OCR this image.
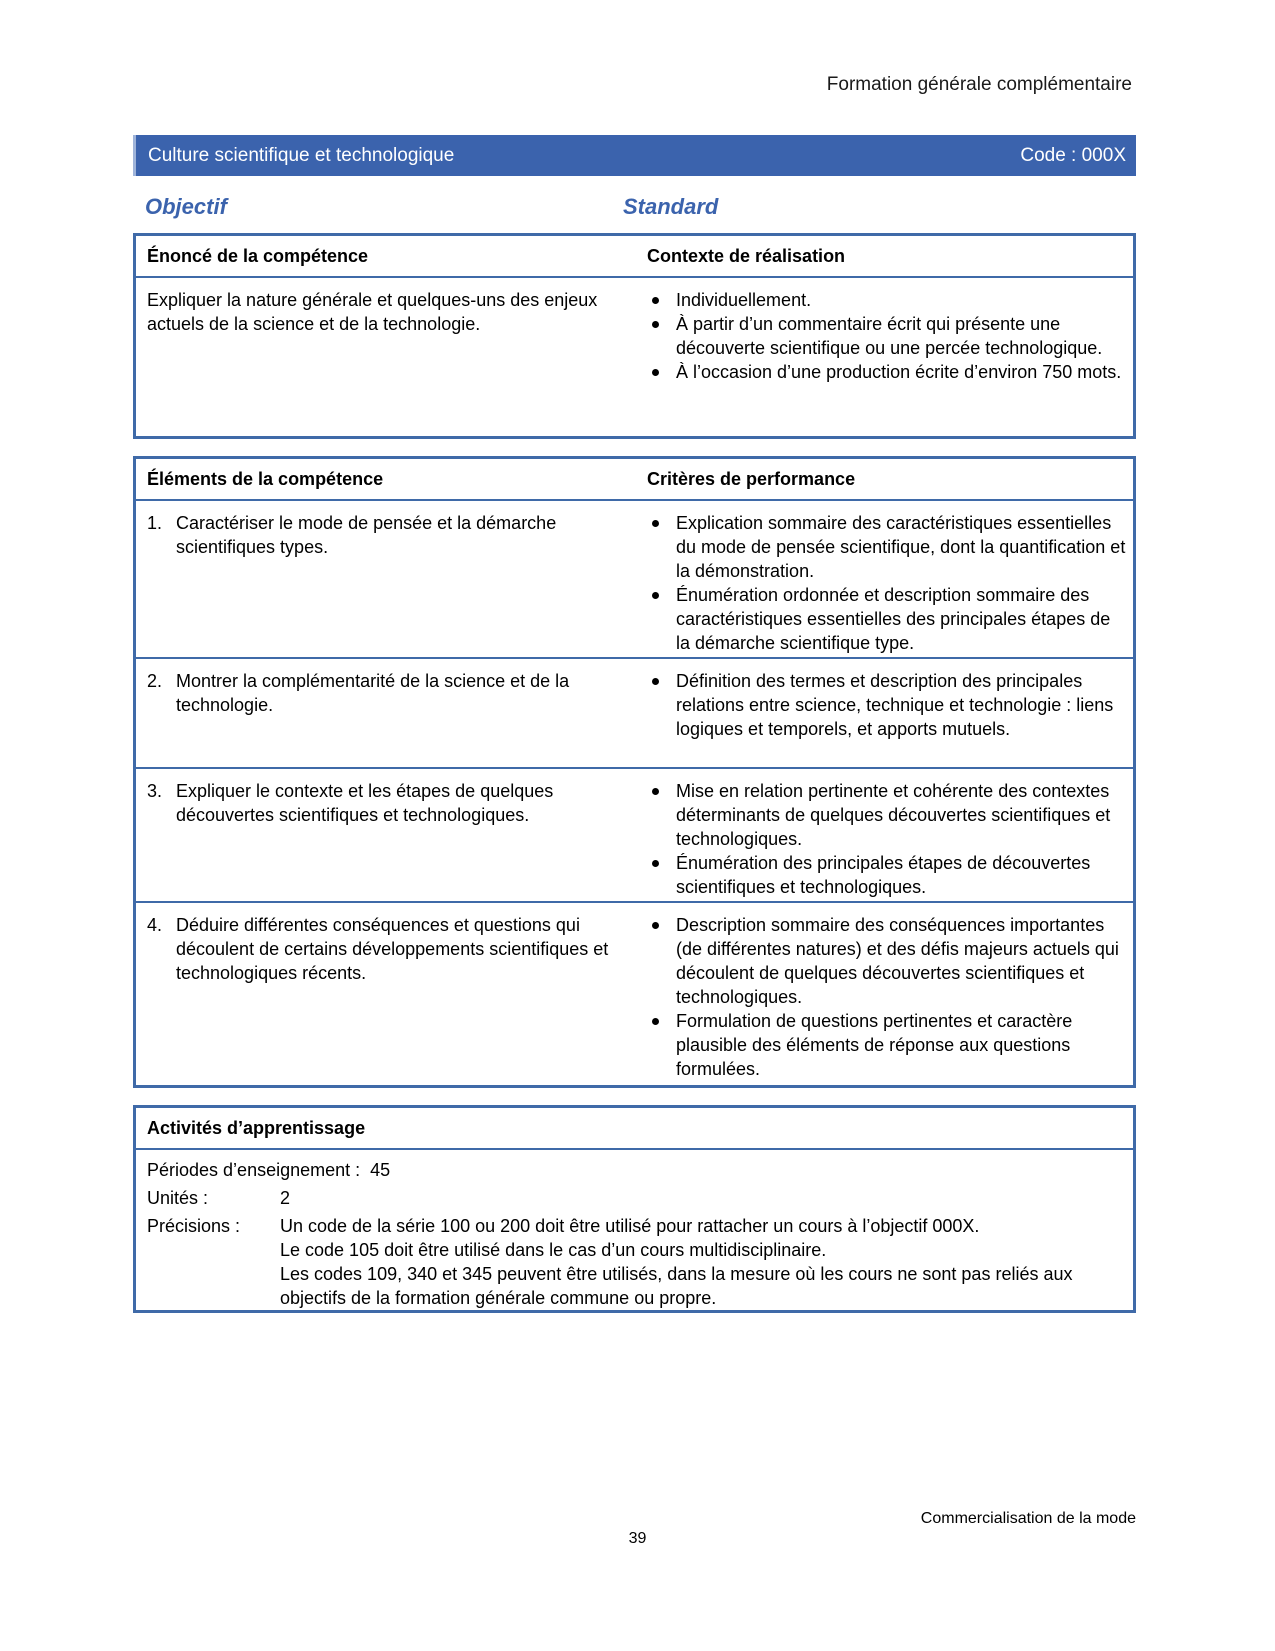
Formation générale complémentaire
Culture scientifique et technologique	Code : 000X
Objectif	Standard
Énoncé de la compétence	Contexte de réalisation
Expliquer la nature générale et quelques-uns des enjeux actuels de la science et de la technologie.
Individuellement.
À partir d’un commentaire écrit qui présente une découverte scientifique ou une percée technologique.
À l’occasion d’une production écrite d’environ 750 mots.
Éléments de la compétence	Critères de performance
1. Caractériser le mode de pensée et la démarche scientifiques types.
Explication sommaire des caractéristiques essentielles du mode de pensée scientifique, dont la quantification et la démonstration.
Énumération ordonnée et description sommaire des caractéristiques essentielles des principales étapes de la démarche scientifique type.
2. Montrer la complémentarité de la science et de la technologie.
Définition des termes et description des principales relations entre science, technique et technologie : liens logiques et temporels, et apports mutuels.
3. Expliquer le contexte et les étapes de quelques découvertes scientifiques et technologiques.
Mise en relation pertinente et cohérente des contextes déterminants de quelques découvertes scientifiques et technologiques.
Énumération des principales étapes de découvertes scientifiques et technologiques.
4. Déduire différentes conséquences et questions qui découlent de certains développements scientifiques et technologiques récents.
Description sommaire des conséquences importantes (de différentes natures) et des défis majeurs actuels qui découlent de quelques découvertes scientifiques et technologiques.
Formulation de questions pertinentes et caractère plausible des éléments de réponse aux questions formulées.
Activités d’apprentissage
Périodes d’enseignement :
45
Unités :	2
Précisions :	Un code de la série 100 ou 200 doit être utilisé pour rattacher un cours à l’objectif 000X.
Le code 105 doit être utilisé dans le cas d’un cours multidisciplinaire.
Les codes 109, 340 et 345 peuvent être utilisés, dans la mesure où les cours ne sont pas reliés aux objectifs de la formation générale commune ou propre.
Commercialisation de la mode
39
